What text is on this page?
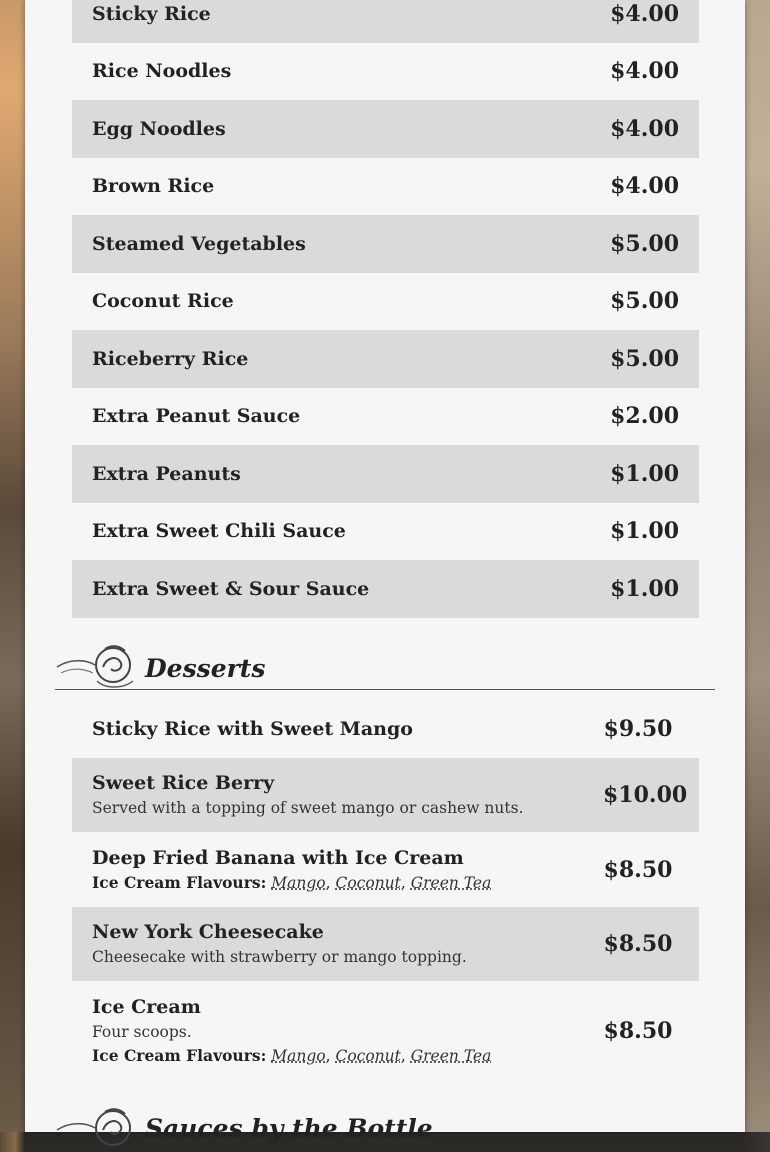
Sticky Rice	$4.00
Rice Noodles	$4.00
Egg Noodles	$4.00
Brown Rice	$4.00
Steamed Vegetables	$5.00
Coconut Rice	$5.00
Riceberry Rice	$5.00
Extra Peanut Sauce	$2.00
Extra Peanuts	$1.00
Extra Sweet Chili Sauce	$1.00
Extra Sweet & Sour Sauce	$1.00
Desserts
Sticky Rice with Sweet Mango	$9.50
Sweet Rice Berry
Served with a topping of sweet mango or cashew nuts.	$10.00
Deep Fried Banana with Ice Cream
Ice Cream Flavours: Mango, Coconut, Green Tea	$8.50
New York Cheesecake
Cheesecake with strawberry or mango topping.	$8.50
Ice Cream
Four scoops.
Ice Cream Flavours: Mango, Coconut, Green Tea
$8.50
Sauces by the Bottle
